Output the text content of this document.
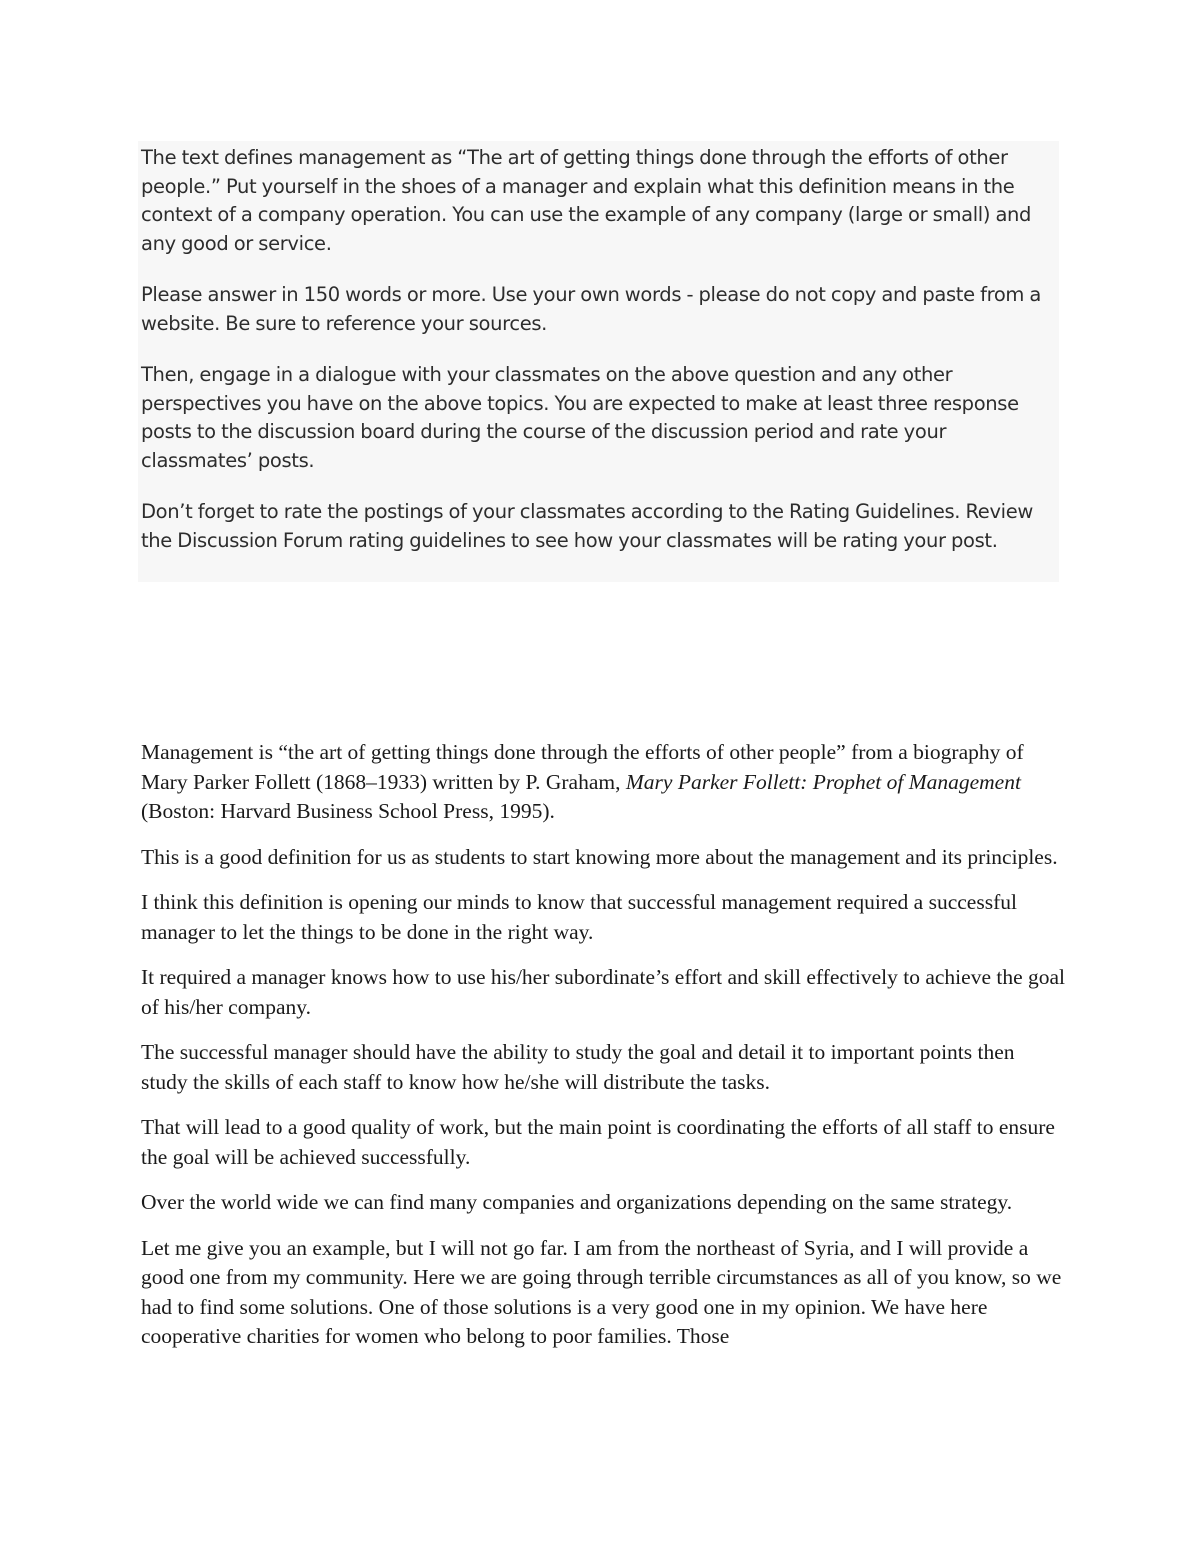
The text defines management as “The art of getting things done through the efforts of other people.” Put yourself in the shoes of a manager and explain what this definition means in the context of a company operation. You can use the example of any company (large or small) and any good or service.

Please answer in 150 words or more. Use your own words - please do not copy and paste from a website. Be sure to reference your sources.

Then, engage in a dialogue with your classmates on the above question and any other perspectives you have on the above topics. You are expected to make at least three response posts to the discussion board during the course of the discussion period and rate your classmates’ posts.

Don’t forget to rate the postings of your classmates according to the Rating Guidelines. Review the Discussion Forum rating guidelines to see how your classmates will be rating your post.

Management is “the art of getting things done through the efforts of other people” from a biography of Mary Parker Follett (1868–1933) written by P. Graham, Mary Parker Follett: Prophet of Management (Boston: Harvard Business School Press, 1995).

This is a good definition for us as students to start knowing more about the management and its principles.

I think this definition is opening our minds to know that successful management required a successful manager to let the things to be done in the right way.

It required a manager knows how to use his/her subordinate’s effort and skill effectively to achieve the goal of his/her company.

The successful manager should have the ability to study the goal and detail it to important points then study the skills of each staff to know how he/she will distribute the tasks.

That will lead to a good quality of work, but the main point is coordinating the efforts of all staff to ensure the goal will be achieved successfully.

Over the world wide we can find many companies and organizations depending on the same strategy.

Let me give you an example, but I will not go far. I am from the northeast of Syria, and I will provide a good one from my community. Here we are going through terrible circumstances as all of you know, so we had to find some solutions. One of those solutions is a very good one in my opinion. We have here cooperative charities for women who belong to poor families. Those
